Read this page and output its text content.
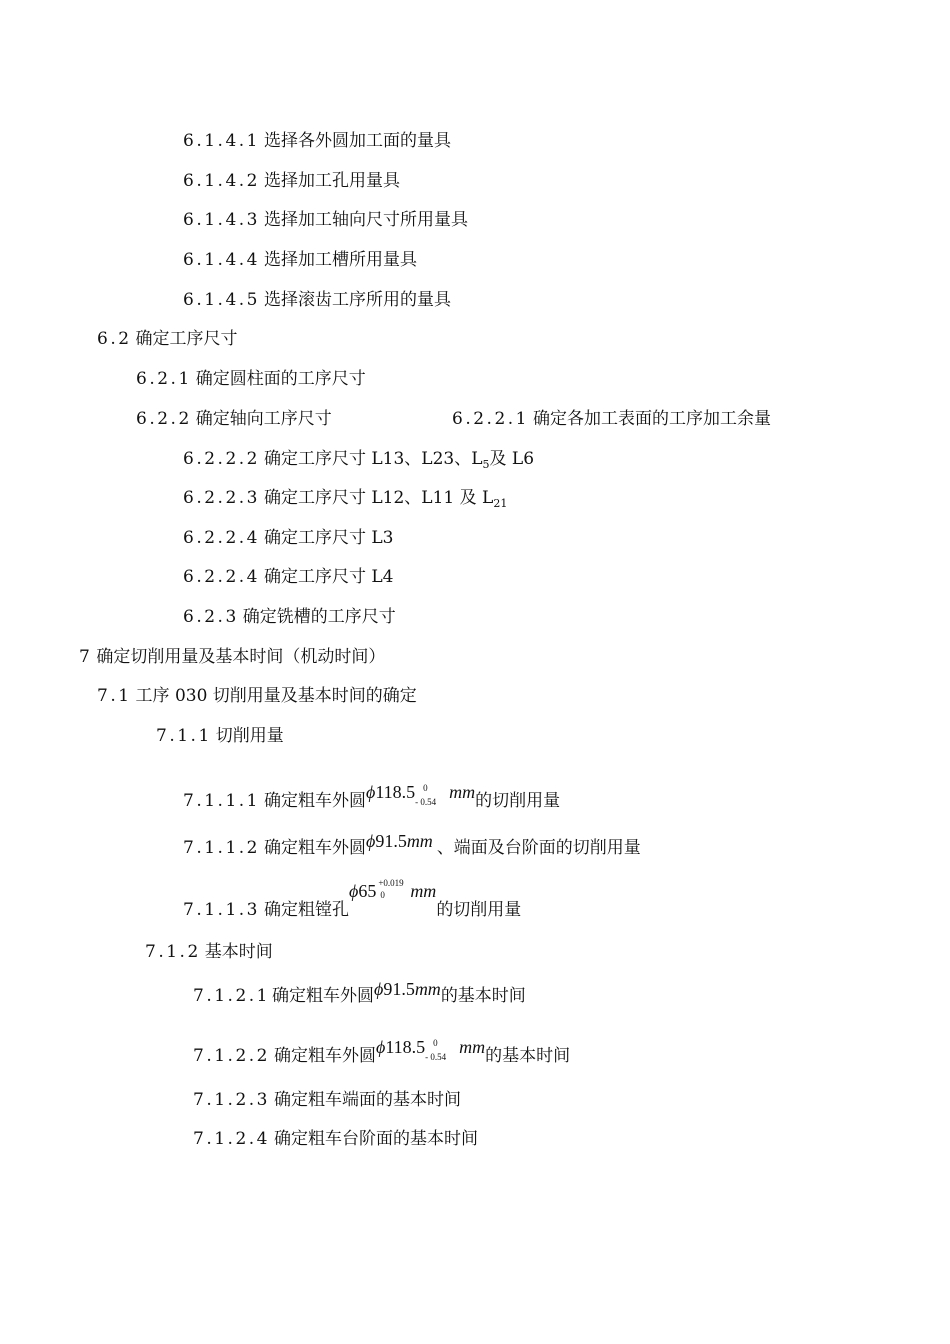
6.1.4.1 选择各外圆加工面的量具
6.1.4.2 选择加工孔用量具
6.1.4.3 选择加工轴向尺寸所用量具
6.1.4.4 选择加工槽所用量具
6.1.4.5 选择滚齿工序所用的量具
6.2 确定工序尺寸
6.2.1 确定圆柱面的工序尺寸
6.2.2 确定轴向工序尺寸	6.2.2.1 确定各加工表面的工序加工余量
6.2.2.2 确定工序尺寸 L13、L23、$L_5$及 L6
6.2.2.3 确定工序尺寸 L12、L11 及 $L_{21}$
6.2.2.4 确定工序尺寸 L3
6.2.2.4 确定工序尺寸 L4
6.2.3 确定铣槽的工序尺寸
7 确定切削用量及基本时间（机动时间）
7.1 工序 030 切削用量及基本时间的确定
7.1.1 切削用量
7.1.1.1 确定粗车外圆ϕ118.5 0
- 0.54 mm的切削用量
7.1.1.2 确定粗车外圆ϕ91.5mm 、端面及台阶面的切削用量
7.1.1.3 确定粗镗孔ϕ65 +0.019
0 mm的切削用量
7.1.2 基本时间
7.1.2.1 确定粗车外圆ϕ91.5mm的基本时间
7.1.2.2 确定粗车外圆ϕ118.5 0
- 0.54 mm的基本时间
7.1.2.3 确定粗车端面的基本时间
7.1.2.4 确定粗车台阶面的基本时间
